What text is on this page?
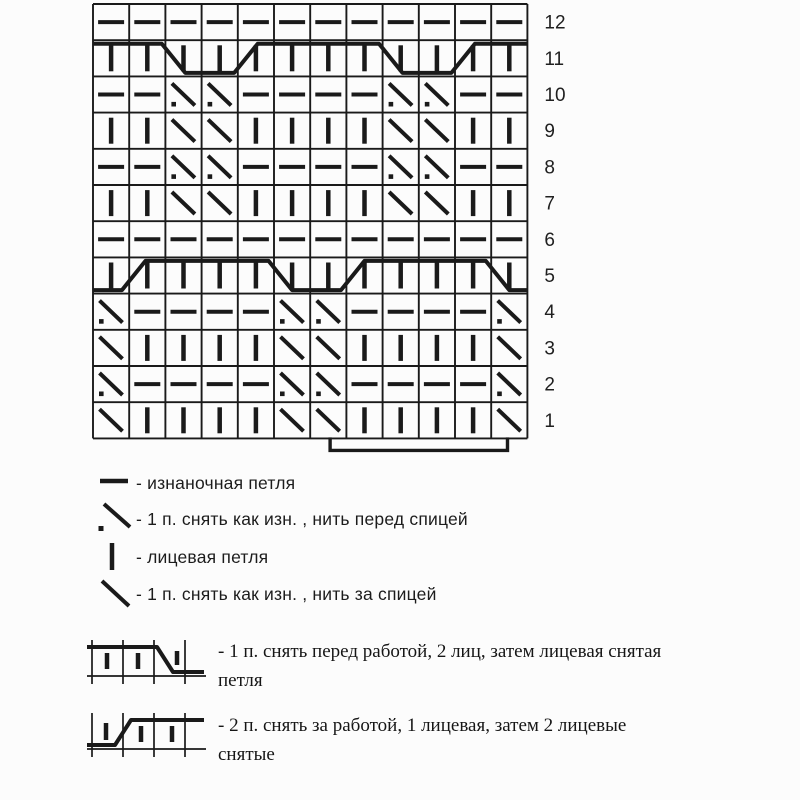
12
11
10
9
8
7
6
5
4
3
2
1
- изнаночная петля
- 1 п. снять как изн. , нить перед спицей
- лицевая петля
- 1 п. снять как изн. , нить за спицей
- 1 п. снять перед работой, 2 лиц, затем лицевая снятая
петля
- 2 п. снять за работой, 1 лицевая, затем 2 лицевые
снятые
